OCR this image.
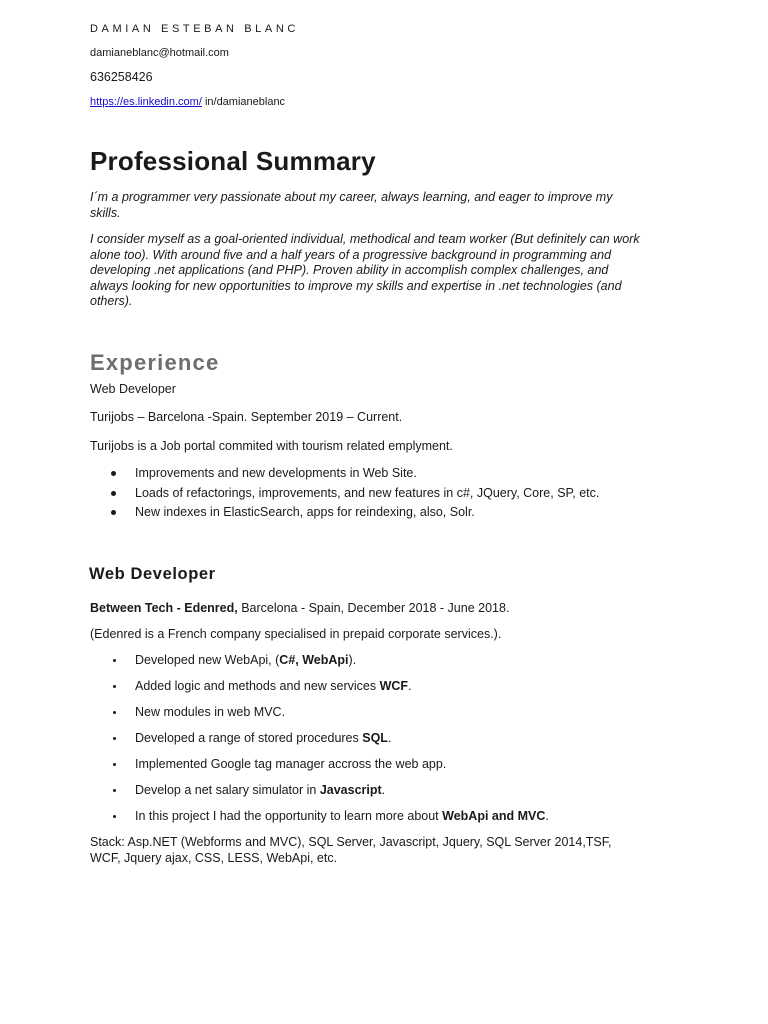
DAMIAN ESTEBAN BLANC
damianeblanc@hotmail.com
636258426
https://es.linkedin.com/ in/damianeblanc
Professional Summary

I´m a programmer very passionate about my career, always learning, and eager to improve my
skills.

I consider myself as a goal-oriented individual, methodical and team worker (But definitely can work
alone too). With around five and a half years of a progressive background in programming and
developing .net applications (and PHP). Proven ability in accomplish complex challenges, and
always looking for new opportunities to improve my skills and expertise in .net technologies (and
others).

Experience
Web Developer
Turijobs – Barcelona -Spain. September 2019 – Current.
Turijobs is a Job portal commited with tourism related emplyment.
Improvements and new developments in Web Site.
Loads of refactorings, improvements, and new features in c#, JQuery, Core, SP, etc.
New indexes in ElasticSearch, apps for reindexing, also, Solr.
Web Developer
Between Tech - Edenred, Barcelona - Spain, December 2018 - June 2018.
(Edenred is a French company specialised in prepaid corporate services.).
Developed new WebApi, (C#, WebApi).
Added logic and methods and new services WCF.
New modules in web MVC.
Developed a range of stored procedures SQL.
Implemented Google tag manager accross the web app.
Develop a net salary simulator in Javascript.
In this project I had the opportunity to learn more about WebApi and MVC.

Stack: Asp.NET (Webforms and MVC), SQL Server, Javascript, Jquery, SQL Server 2014,TSF,
WCF, Jquery ajax, CSS, LESS, WebApi, etc.
